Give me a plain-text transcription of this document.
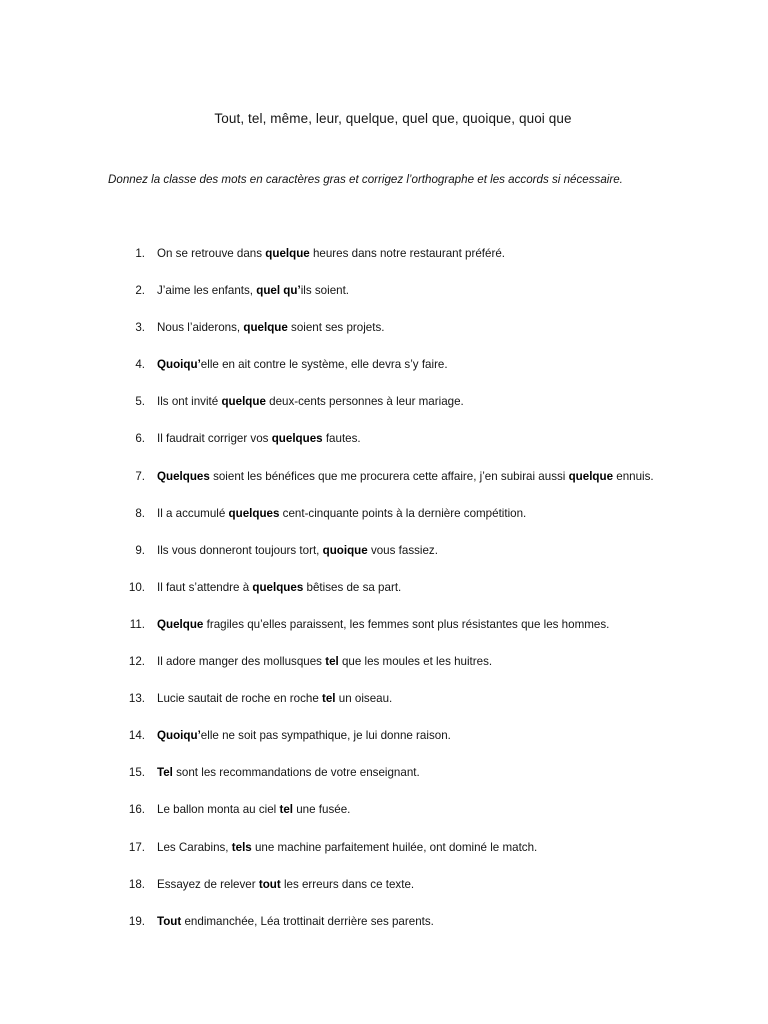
Tout, tel, même, leur, quelque, quel que, quoique, quoi que
Donnez la classe des mots en caractères gras et corrigez l’orthographe et les accords si nécessaire.
1. On se retrouve dans quelque heures dans notre restaurant préféré.
2. J’aime les enfants, quel qu’ils soient.
3. Nous l’aiderons, quelque soient ses projets.
4. Quoiqu’elle en ait contre le système, elle devra s’y faire.
5. Ils ont invité quelque deux-cents personnes à leur mariage.
6. Il faudrait corriger vos quelques fautes.
7. Quelques soient les bénéfices que me procurera cette affaire, j’en subirai aussi quelque ennuis.
8. Il a accumulé quelques cent-cinquante points à la dernière compétition.
9. Ils vous donneront toujours tort, quoique vous fassiez.
10. Il faut s’attendre à quelques bêtises de sa part.
11. Quelque fragiles qu’elles paraissent, les femmes sont plus résistantes que les hommes.
12. Il adore manger des mollusques tel que les moules et les huitres.
13. Lucie sautait de roche en roche tel un oiseau.
14. Quoiqu’elle ne soit pas sympathique, je lui donne raison.
15. Tel sont les recommandations de votre enseignant.
16. Le ballon monta au ciel tel une fusée.
17. Les Carabins, tels une machine parfaitement huilée, ont dominé le match.
18. Essayez de relever tout les erreurs dans ce texte.
19. Tout endimanchée, Léa trottinait derrière ses parents.
